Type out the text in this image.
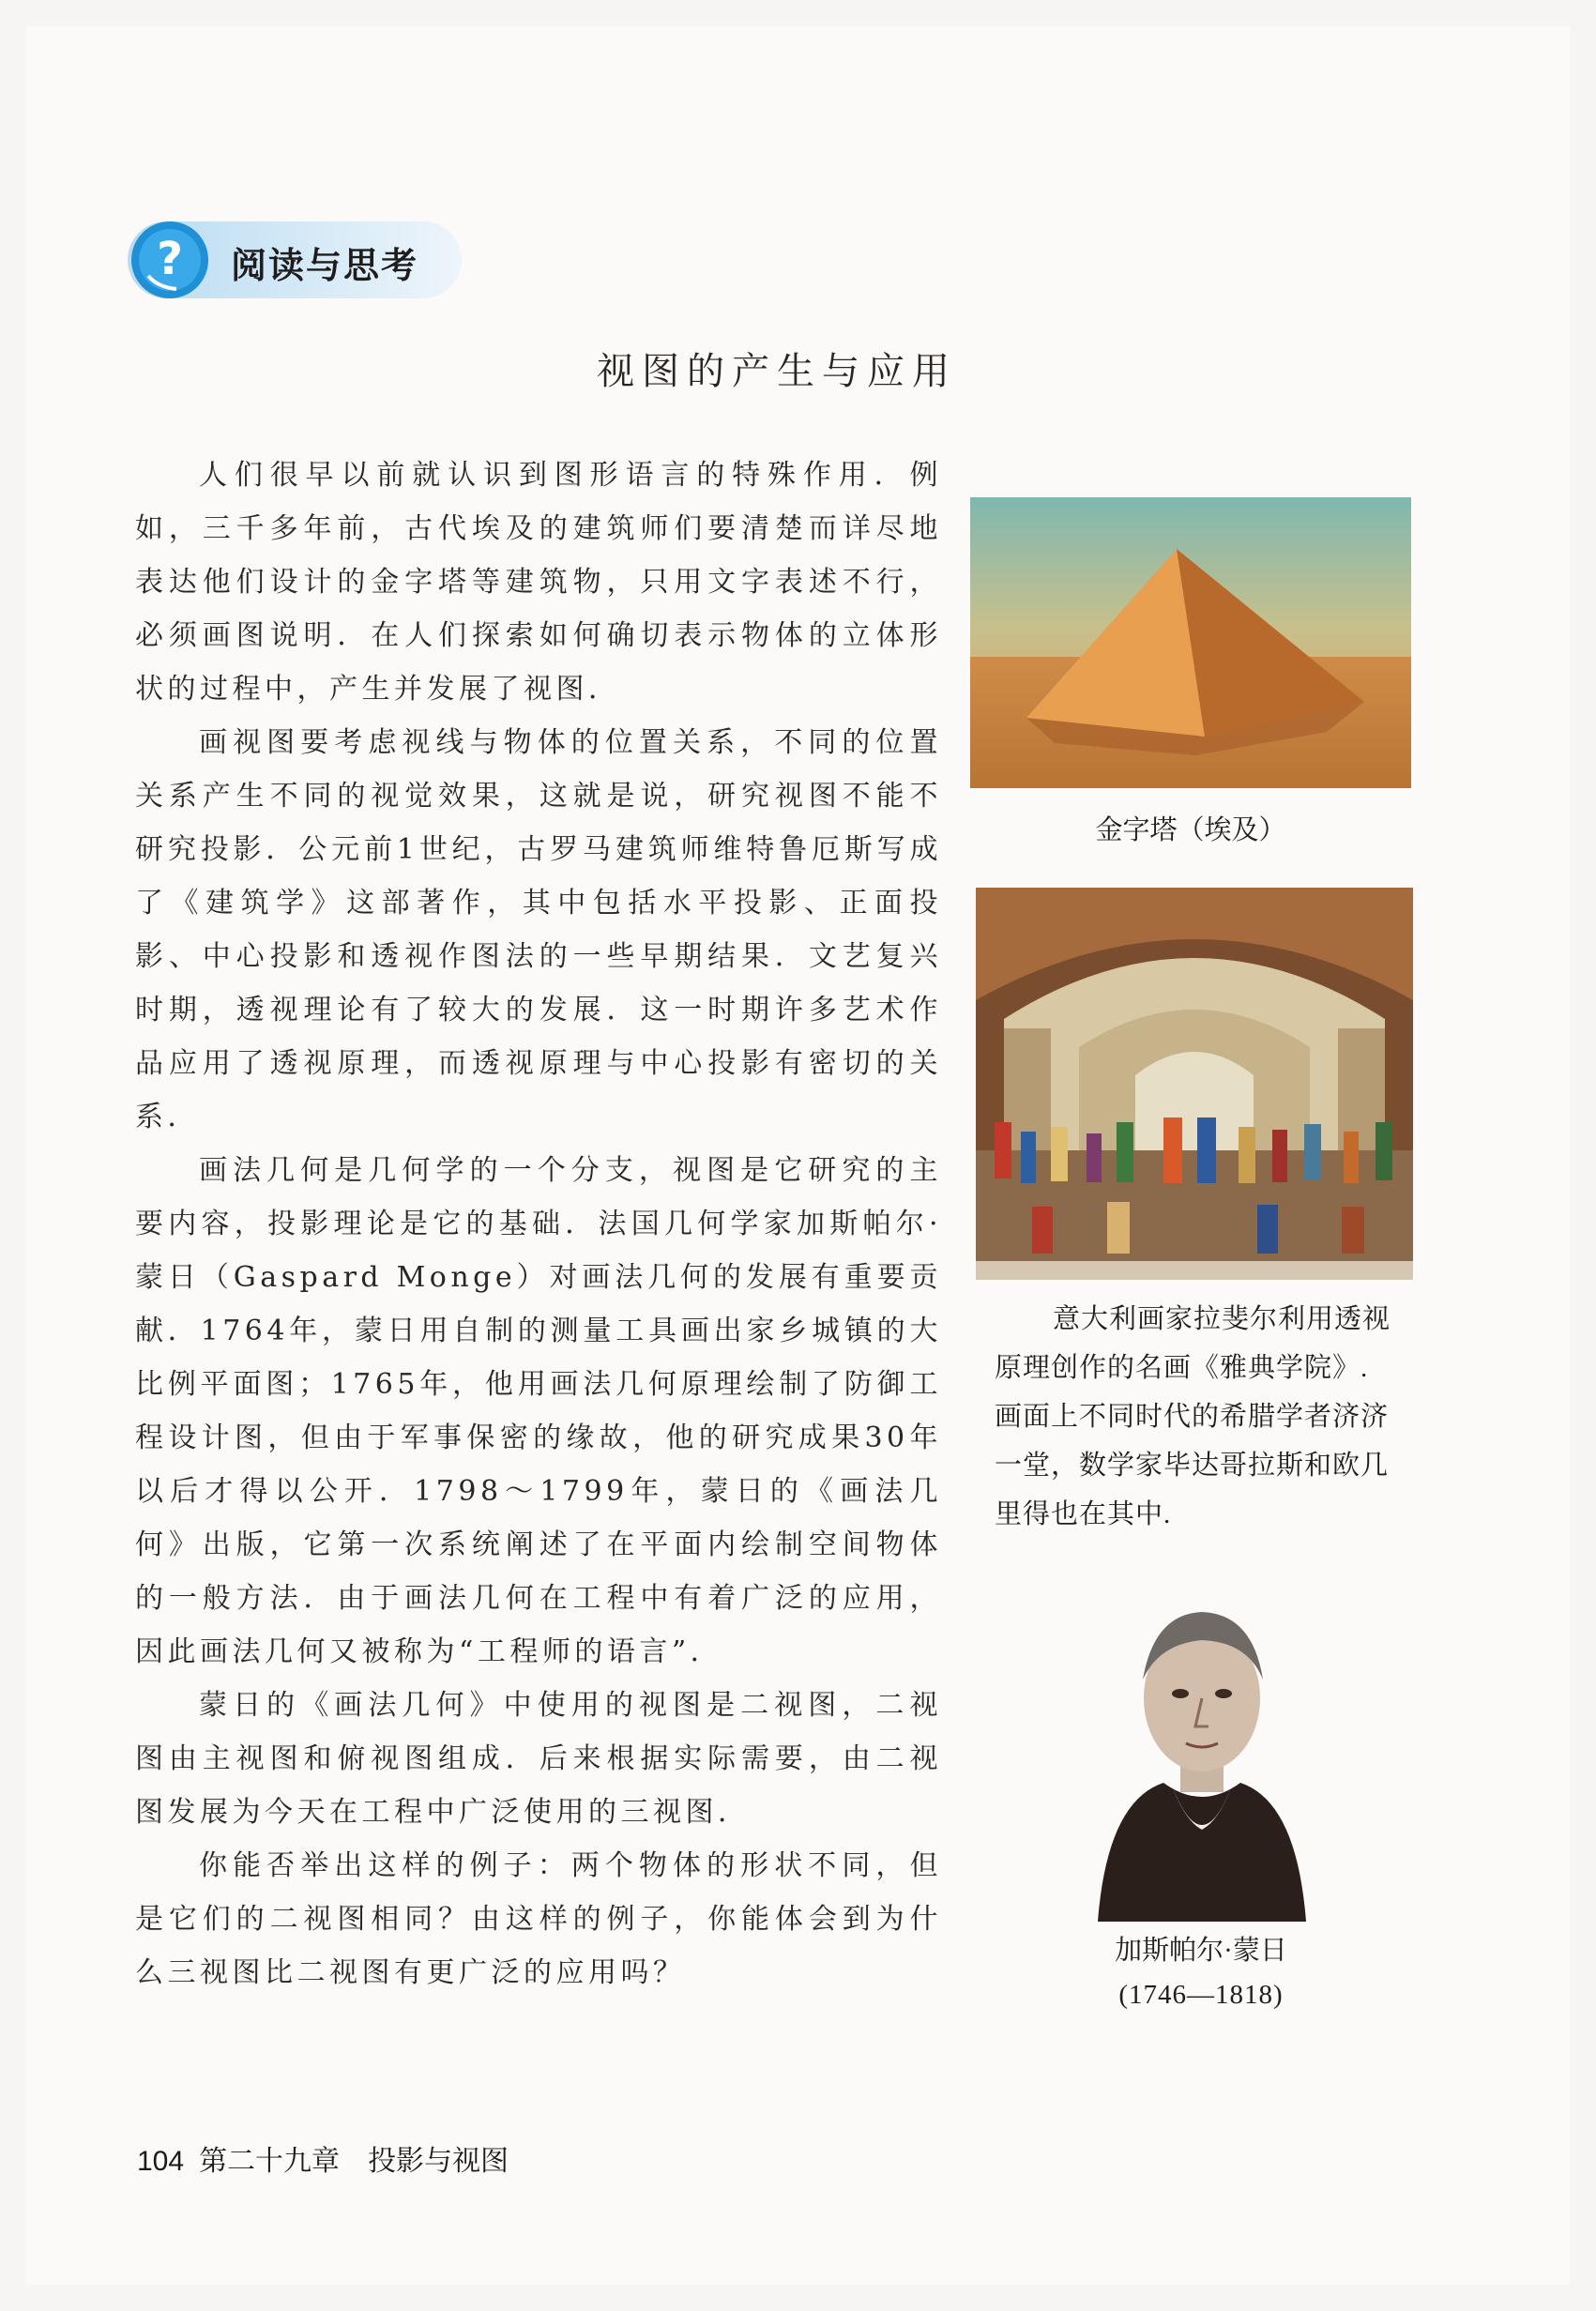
? 阅读与思考
视图的产生与应用

人们很早以前就认识到图形语言的特殊作用．例如，三千多年前，古代埃及的建筑师们要清楚而详尽地表达他们设计的金字塔等建筑物，只用文字表述不行，必须画图说明．在人们探索如何确切表示物体的立体形状的过程中，产生并发展了视图．

画视图要考虑视线与物体的位置关系，不同的位置关系产生不同的视觉效果，这就是说，研究视图不能不研究投影．公元前1世纪，古罗马建筑师维特鲁厄斯写成了《建筑学》这部著作，其中包括水平投影、正面投影、中心投影和透视作图法的一些早期结果．文艺复兴时期，透视理论有了较大的发展．这一时期许多艺术作品应用了透视原理，而透视原理与中心投影有密切的关系．

画法几何是几何学的一个分支，视图是它研究的主要内容，投影理论是它的基础．法国几何学家加斯帕尔·蒙日（Gaspard Monge）对画法几何的发展有重要贡献．1764年，蒙日用自制的测量工具画出家乡城镇的大比例平面图；1765年，他用画法几何原理绘制了防御工程设计图，但由于军事保密的缘故，他的研究成果30年以后才得以公开．1798～1799年，蒙日的《画法几何》出版，它第一次系统阐述了在平面内绘制空间物体的一般方法．由于画法几何在工程中有着广泛的应用，因此画法几何又被称为“工程师的语言”．

蒙日的《画法几何》中使用的视图是二视图，二视图由主视图和俯视图组成．后来根据实际需要，由二视图发展为今天在工程中广泛使用的三视图．

你能否举出这样的例子：两个物体的形状不同，但是它们的二视图相同？由这样的例子，你能体会到为什么三视图比二视图有更广泛的应用吗？

金字塔（埃及）
意大利画家拉斐尔利用透视
原理创作的名画《雅典学院》.
画面上不同时代的希腊学者济济
一堂，数学家毕达哥拉斯和欧几
里得也在其中.
加斯帕尔·蒙日
(1746—1818)
104 第二十九章 投影与视图
